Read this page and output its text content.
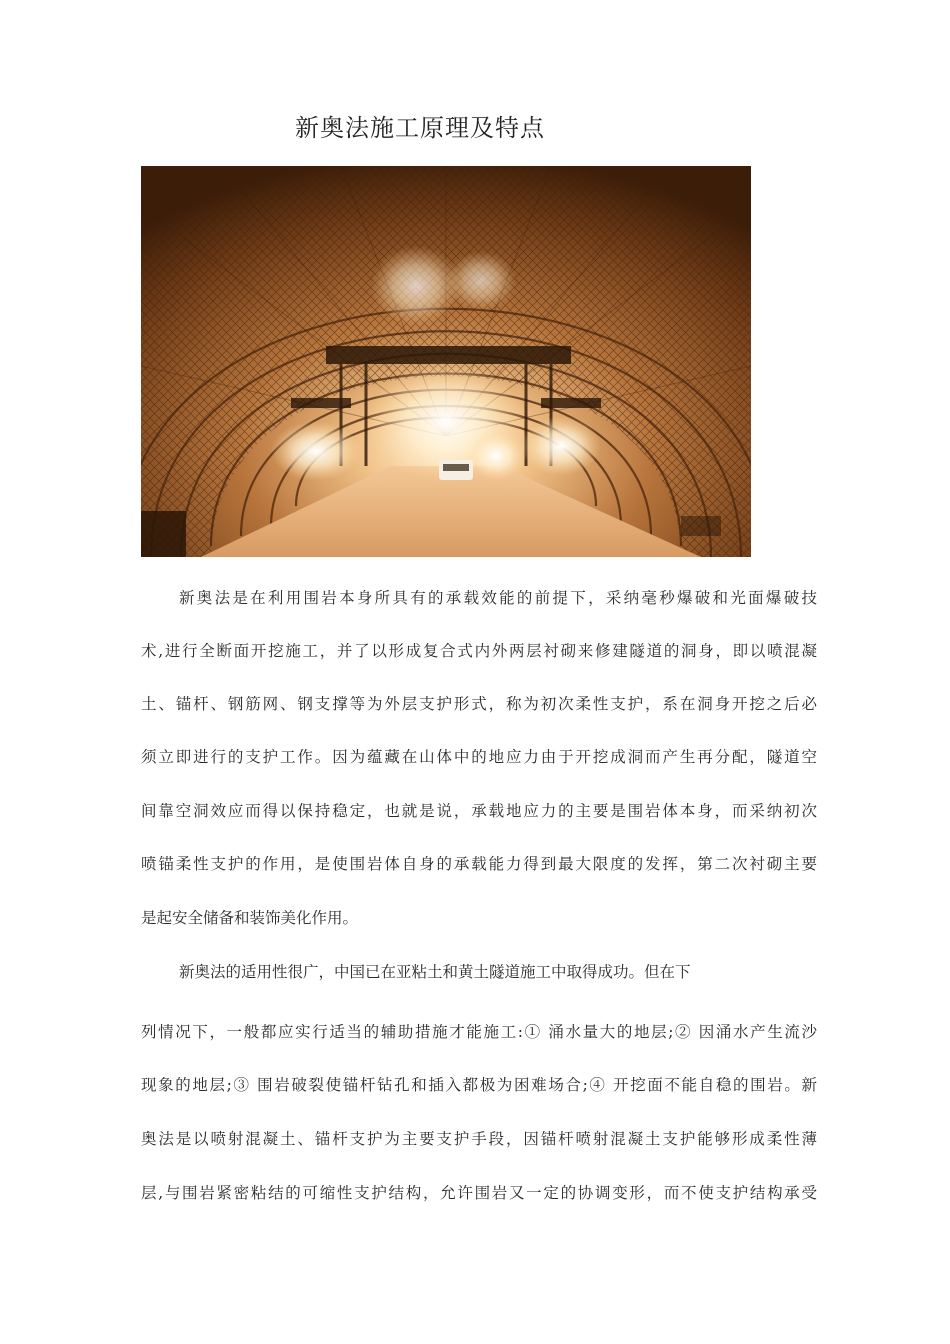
新奥法施工原理及特点
新奥法是在利用围岩本身所具有的承载效能的前提下，采纳毫秒爆破和光面爆破技
术,进行全断面开挖施工，并了以形成复合式内外两层衬砌来修建隧道的洞身，即以喷混凝
土、锚杆、钢筋网、钢支撑等为外层支护形式，称为初次柔性支护，系在洞身开挖之后必
须立即进行的支护工作。因为蕴藏在山体中的地应力由于开挖成洞而产生再分配，隧道空
间靠空洞效应而得以保持稳定，也就是说，承载地应力的主要是围岩体本身，而采纳初次
喷锚柔性支护的作用，是使围岩体自身的承载能力得到最大限度的发挥，第二次衬砌主要
是起安全储备和装饰美化作用。
新奥法的适用性很广，中国已在亚粘土和黄土隧道施工中取得成功。但在下
列情况下，一般都应实行适当的辅助措施才能施工:① 涌水量大的地层;② 因涌水产生流沙
现象的地层;③ 围岩破裂使锚杆钻孔和插入都极为困难场合;④ 开挖面不能自稳的围岩。新
奥法是以喷射混凝土、锚杆支护为主要支护手段，因锚杆喷射混凝土支护能够形成柔性薄
层,与围岩紧密粘结的可缩性支护结构，允许围岩又一定的协调变形，而不使支护结构承受
